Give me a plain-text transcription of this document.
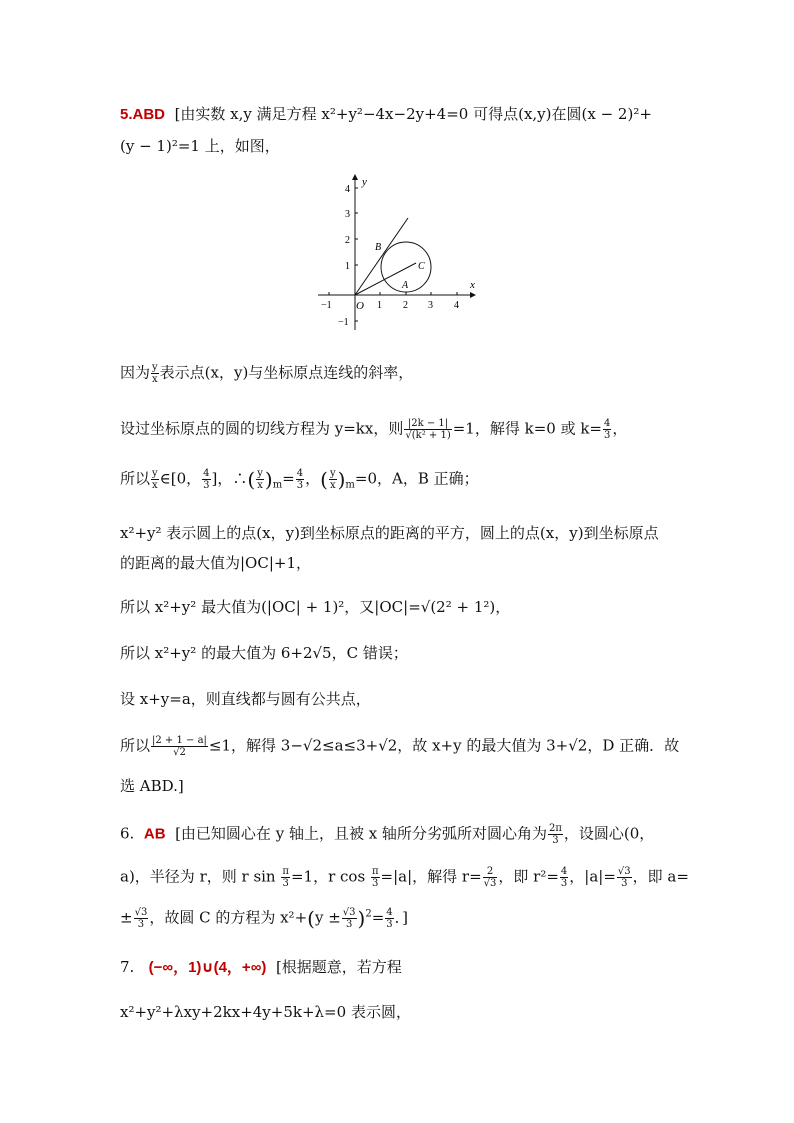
5.ABD [由实数 x,y 满足方程 x²+y²−4x−2y+4=0 可得点(x,y)在圆(x − 2)²+
(y − 1)²=1 上，如图，
x
y
O
−1	1 2 3 4
4
3
2
1
−1
B
C
A
因为 $\frac{y}{x}$ 表示点(x，y)与坐标原点连线的斜率，
设过坐标原点的圆的切线方程为 y=kx，则 $\frac{|2k - 1|}{\text{√(k² + 1)}} =1$，解得 k=0 或 $k= \frac{4}{3}$ ，
所以 $\frac{y}{x}$ ∈[0， $\frac{4}{3}$ ]，∴( $\frac{y}{x} )_m= \frac{4}{3}$ ，( $\frac{y}{x} )_m=0$，A，B 正确；
x²+y² 表示圆上的点(x，y)到坐标原点的距离的平方，圆上的点(x，y)到坐标原点
的距离的最大值为|OC|+1，
所以 x²+y² 最大值为(|OC| + 1)²，又|OC|=√(2² + 1²)，
所以 x²+y² 的最大值为 6+2√5，C 错误；
设 x+y=a，则直线都与圆有公共点，
所以 $\frac{|2 + 1 - a|}{√2} \le 1$，解得 3−√2≤a≤3+√2，故 x+y 的最大值为 3+√2，D 正确．故
选 ABD.]
6. AB [由已知圆心在 y 轴上，且被 x 轴所分劣弧所对圆心角为 $\frac{2\pi}{3}$ ，设圆心(0，
a)，半径为 r，则 r $\sin \frac{\pi}{3} =1$，r $\cos \frac{\pi}{3} =|a|$，解得 $r= \frac{2}{√3}$ ，即 $r^2= \frac{4}{3}$ ，$|a|= \frac{√3}{3}$ ，即 a=
± $\frac{√3}{3}$ ，故圆 C 的方程为 $x^2+(y \pm \frac{√3}{3} )^2= \frac{4}{3}$ ．]
7. (−∞，1)∪(4，+∞) [根据题意，若方程
x²+y²+λxy+2kx+4y+5k+λ=0 表示圆，
